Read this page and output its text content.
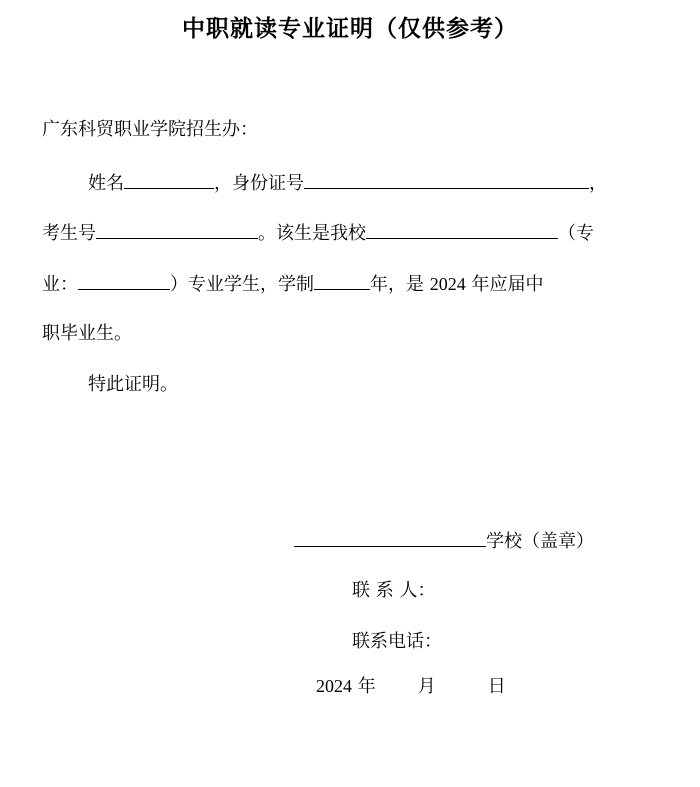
中职就读专业证明（仅供参考）
广东科贸职业学院招生办：
姓名	，身份证号	，
考生号	。该生是我校	（专
业：	）专业学生，学制	年，是 2024 年应届中
职毕业生。
特此证明。
学校（盖章）
联 系 人：
联系电话：
2024 年 月	日
